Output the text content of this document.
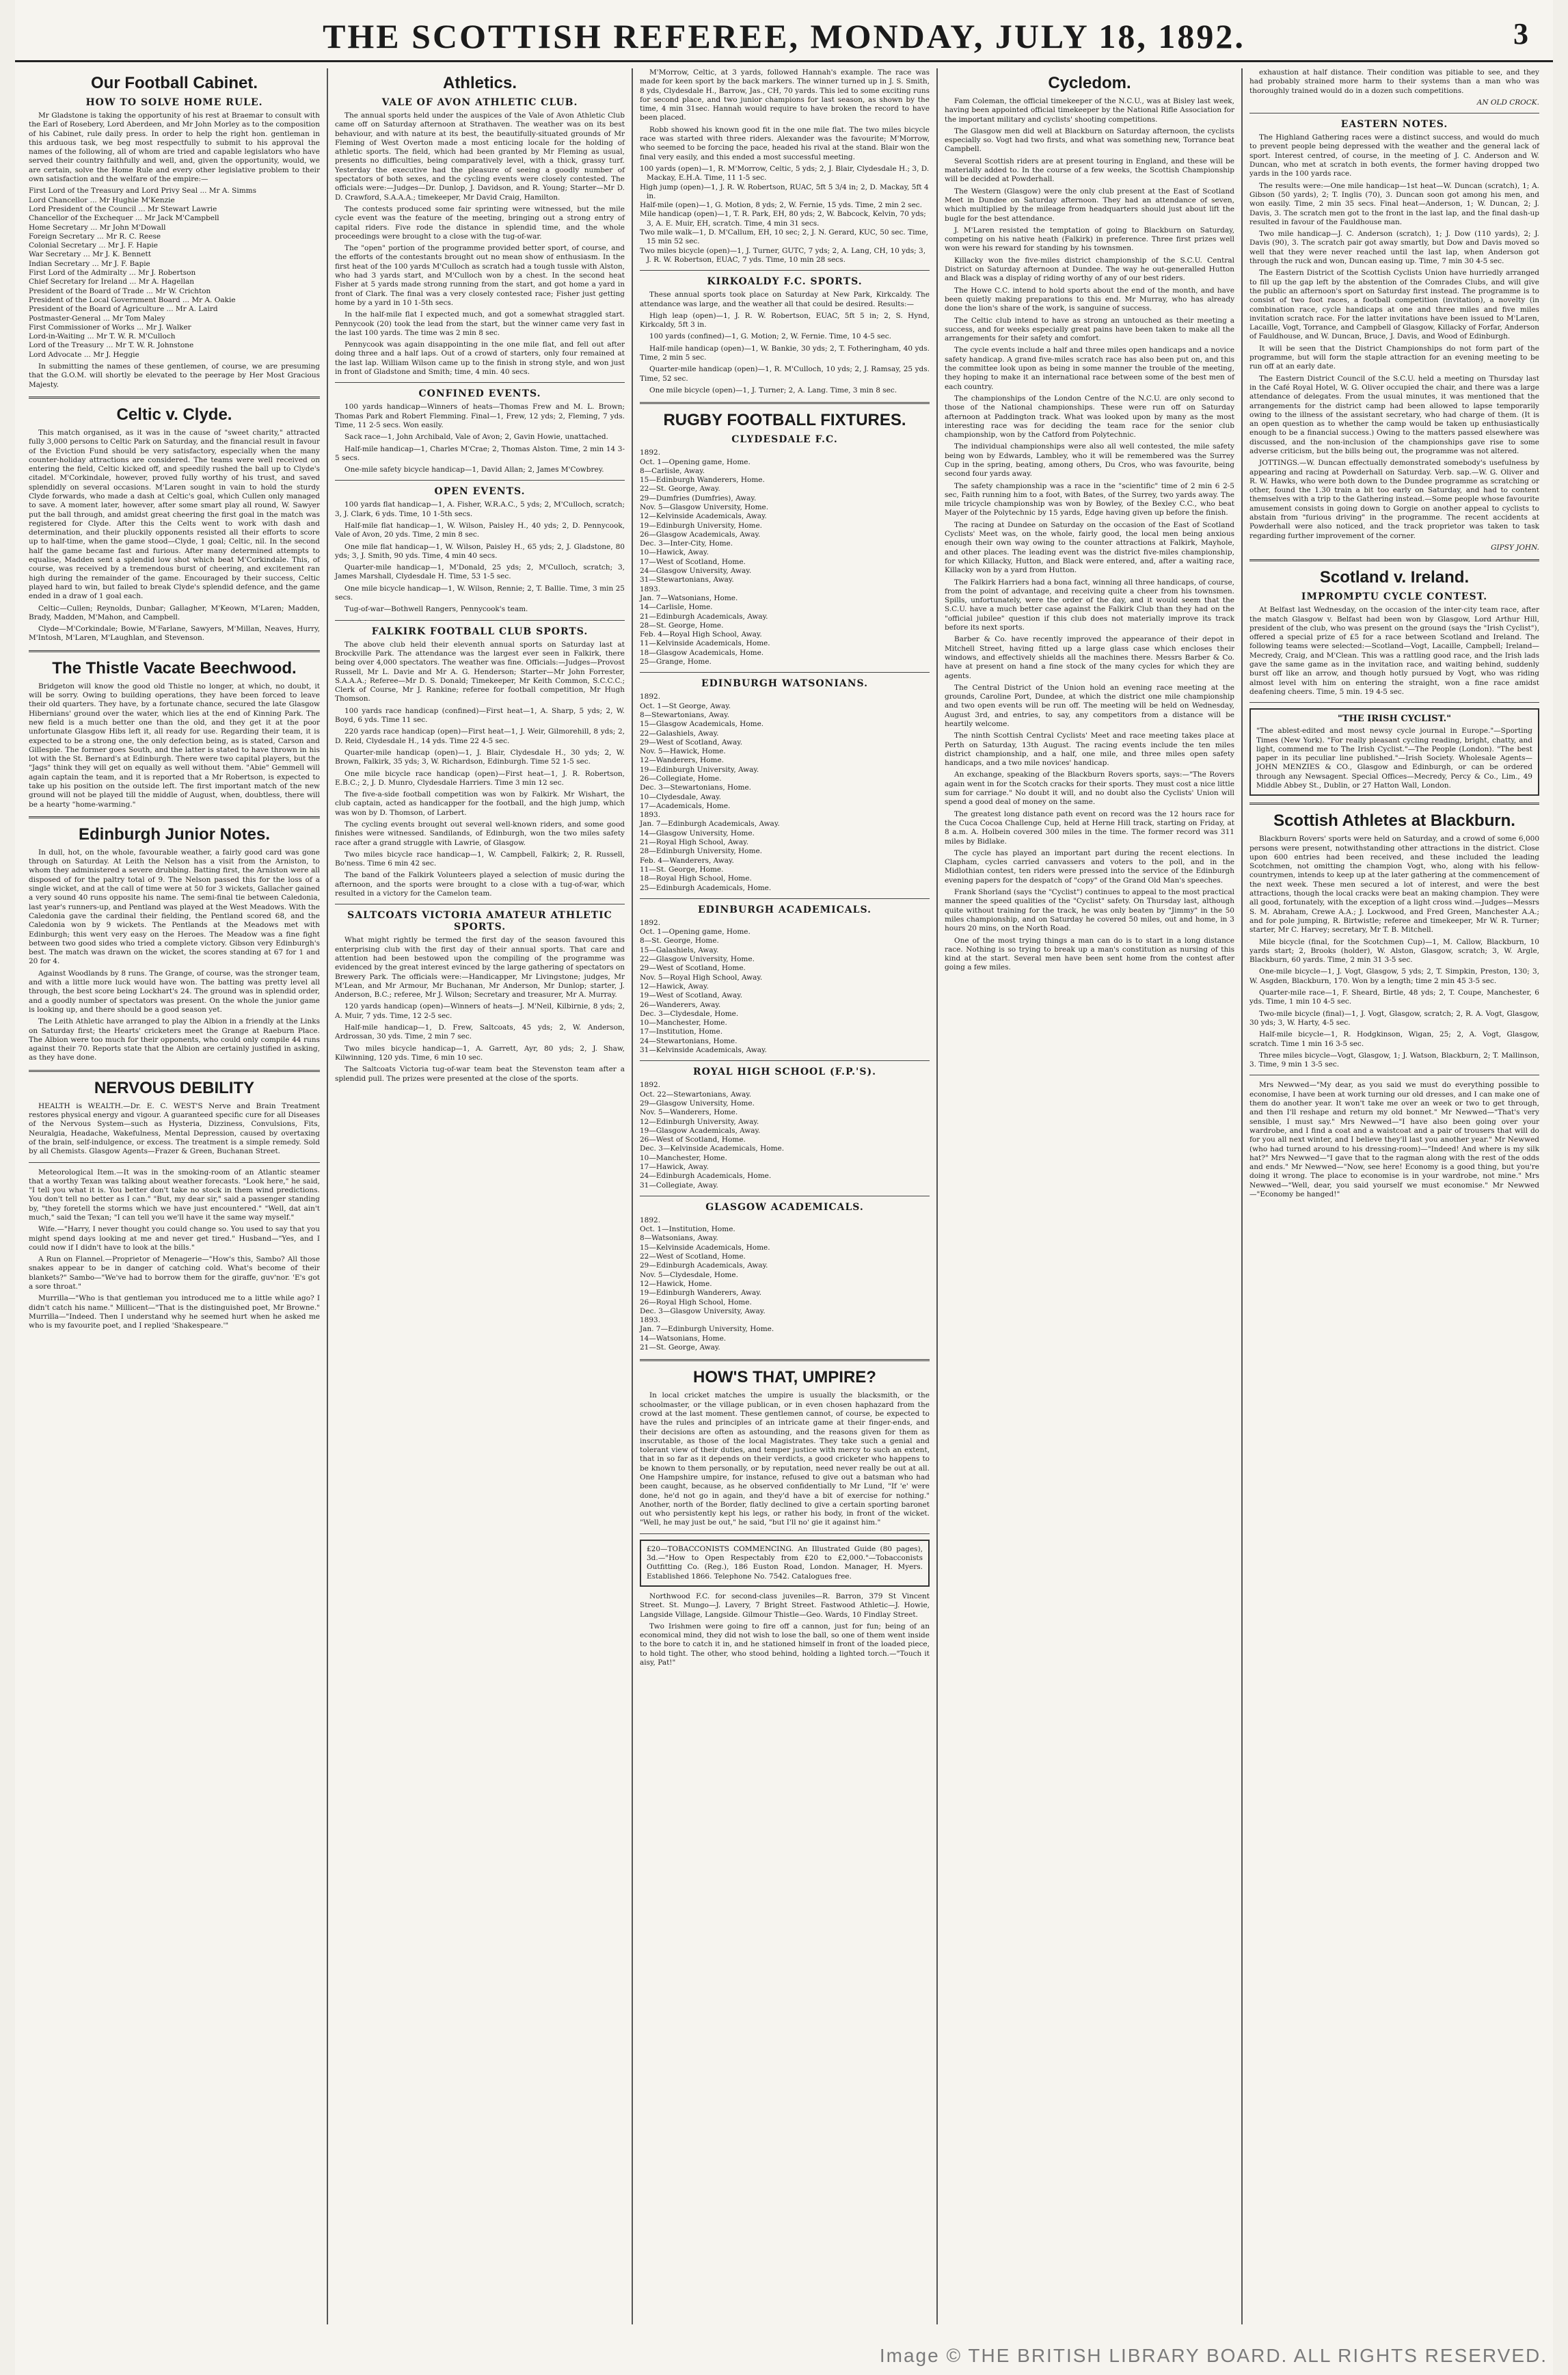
THE SCOTTISH REFEREE, MONDAY, JULY 18, 1892.	3
Our Football Cabinet.
HOW TO SOLVE HOME RULE.

Mr Gladstone is taking the opportunity of his rest at Braemar to consult with the Earl of Rosebery, Lord Aberdeen, and Mr John Morley as to the composition of his Cabinet, rule daily press. In order to help the right hon. gentleman in this arduous task, we beg most respectfully to submit to his approval the names of the following, all of whom are tried and capable legislators who have served their country faithfully and well, and, given the opportunity, would, we are certain, solve the Home Rule and every other legislative problem to their own satisfaction and the welfare of the empire:—

First Lord of the Treasury and Lord Privy Seal ... Mr A. Simms
Lord Chancellor ... Mr Hughie M'Kenzie
Lord President of the Council ... Mr Stewart Lawrie
Chancellor of the Exchequer ... Mr Jack M'Campbell
Home Secretary ... Mr John M'Dowall
Foreign Secretary ... Mr R. C. Reese
Colonial Secretary ... Mr J. F. Hapie
War Secretary ... Mr J. K. Bennett
Indian Secretary ... Mr J. F. Bapie
First Lord of the Admiralty ... Mr J. Robertson
Chief Secretary for Ireland ... Mr A. Hagellan
President of the Board of Trade ... Mr W. Crichton
President of the Local Government Board ... Mr A. Oakie
President of the Board of Agriculture ... Mr A. Laird
Postmaster-General ... Mr Tom Maley
First Commissioner of Works ... Mr J. Walker
Lord-in-Waiting ... Mr T. W. R. M'Culloch
Lord of the Treasury ... Mr T. W. R. Johnstone
Lord Advocate ... Mr J. Heggie

In submitting the names of these gentlemen, of course, we are presuming that the G.O.M. will shortly be elevated to the peerage by Her Most Gracious Majesty.

Celtic v. Clyde.

This match organised, as it was in the cause of "sweet charity," attracted fully 3,000 persons to Celtic Park on Saturday, and the financial result in favour of the Eviction Fund should be very satisfactory, especially when the many counter-holiday attractions are considered. The teams were well received on entering the field, Celtic kicked off, and speedily rushed the ball up to Clyde's citadel. M'Corkindale, however, proved fully worthy of his trust, and saved splendidly on several occasions. M'Laren sought in vain to hold the sturdy Clyde forwards, who made a dash at Celtic's goal, which Cullen only managed to save. A moment later, however, after some smart play all round, W. Sawyer put the ball through, and amidst great cheering the first goal in the match was registered for Clyde. After this the Celts went to work with dash and determination, and their pluckily opponents resisted all their efforts to score up to half-time, when the game stood—Clyde, 1 goal; Celtic, nil. In the second half the game became fast and furious. After many determined attempts to equalise, Madden sent a splendid low shot which beat M'Corkindale. This, of course, was received by a tremendous burst of cheering, and excitement ran high during the remainder of the game. Encouraged by their success, Celtic played hard to win, but failed to break Clyde's splendid defence, and the game ended in a draw of 1 goal each.

Celtic—Cullen; Reynolds, Dunbar; Gallagher, M'Keown, M'Laren; Madden, Brady, Madden, M'Mahon, and Campbell.

Clyde—M'Corkindale; Bowie, M'Farlane, Sawyers, M'Millan, Neaves, Hurry, M'Intosh, M'Laren, M'Laughlan, and Stevenson.

The Thistle Vacate Beechwood.

Bridgeton will know the good old Thistle no longer, at which, no doubt, it will be sorry. Owing to building operations, they have been forced to leave their old quarters. They have, by a fortunate chance, secured the late Glasgow Hibernians' ground over the water, which lies at the end of Kinning Park. The new field is a much better one than the old, and they get it at the poor unfortunate Glasgow Hibs left it, all ready for use. Regarding their team, it is expected to be a strong one, the only defection being, as is stated, Carson and Gillespie. The former goes South, and the latter is stated to have thrown in his lot with the St. Bernard's at Edinburgh. There were two capital players, but the "Jags" think they will get on equally as well without them. "Abie" Gemmell will again captain the team, and it is reported that a Mr Robertson, is expected to take up his position on the outside left. The first important match of the new ground will not be played till the middle of August, when, doubtless, there will be a hearty "home-warming."

Edinburgh Junior Notes.

In dull, hot, on the whole, favourable weather, a fairly good card was gone through on Saturday. At Leith the Nelson has a visit from the Arniston, to whom they administered a severe drubbing. Batting first, the Arniston were all disposed of for the paltry total of 9. The Nelson passed this for the loss of a single wicket, and at the call of time were at 50 for 3 wickets, Gallacher gained a very sound 40 runs opposite his name. The semi-final tie between Caledonia, last year's runners-up, and Pentland was played at the West Meadows. With the Caledonia gave the cardinal their fielding, the Pentland scored 68, and the Caledonia won by 9 wickets. The Pentlands at the Meadows met with Edinburgh; this went very easy on the Heroes. The Meadow was a fine fight between two good sides who tried a complete victory. Gibson very Edinburgh's best. The match was drawn on the wicket, the scores standing at 67 for 1 and 20 for 4.

Against Woodlands by 8 runs. The Grange, of course, was the stronger team, and with a little more luck would have won. The batting was pretty level all through, the best score being Lockhart's 24. The ground was in splendid order, and a goodly number of spectators was present. On the whole the junior game is looking up, and there should be a good season yet.

The Leith Athletic have arranged to play the Albion in a friendly at the Links on Saturday first; the Hearts' cricketers meet the Grange at Raeburn Place. The Albion were too much for their opponents, who could only compile 44 runs against their 70. Reports state that the Albion are certainly justified in asking, as they have done.

NERVOUS DEBILITY

HEALTH is WEALTH.—Dr. E. C. WEST'S Nerve and Brain Treatment restores physical energy and vigour. A guaranteed specific cure for all Diseases of the Nervous System—such as Hysteria, Dizziness, Convulsions, Fits, Neuralgia, Headache, Wakefulness, Mental Depression, caused by overtaxing of the brain, self-indulgence, or excess. The treatment is a simple remedy. Sold by all Chemists. Glasgow Agents—Frazer & Green, Buchanan Street.

Meteorological Item.—It was in the smoking-room of an Atlantic steamer that a worthy Texan was talking about weather forecasts. "Look here," he said, "I tell you what it is. You better don't take no stock in them wind predictions. You don't tell no better as I can." "But, my dear sir," said a passenger standing by, "they foretell the storms which we have just encountered." "Well, dat ain't much," said the Texan; "I can tell you we'll have it the same way myself."

Wife.—"Harry, I never thought you could change so. You used to say that you might spend days looking at me and never get tired." Husband—"Yes, and I could now if I didn't have to look at the bills."

A Run on Flannel.—Proprietor of Menagerie—"How's this, Sambo? All those snakes appear to be in danger of catching cold. What's become of their blankets?" Sambo—"We've had to borrow them for the giraffe, guv'nor. 'E's got a sore throat."

Murrilla—"Who is that gentleman you introduced me to a little while ago? I didn't catch his name." Millicent—"That is the distinguished poet, Mr Browne." Murrilla—"Indeed. Then I understand why he seemed hurt when he asked me who is my favourite poet, and I replied 'Shakespeare.'"

Athletics.
VALE OF AVON ATHLETIC CLUB.

The annual sports held under the auspices of the Vale of Avon Athletic Club came off on Saturday afternoon at Strathaven. The weather was on its best behaviour, and with nature at its best, the beautifully-situated grounds of Mr Fleming of West Overton made a most enticing locale for the holding of athletic sports. The field, which had been granted by Mr Fleming as usual, presents no difficulties, being comparatively level, with a thick, grassy turf. Yesterday the executive had the pleasure of seeing a goodly number of spectators of both sexes, and the cycling events were closely contested. The officials were:—Judges—Dr. Dunlop, J. Davidson, and R. Young; Starter—Mr D. D. Crawford, S.A.A.A.; timekeeper, Mr David Craig, Hamilton.

The contests produced some fair sprinting were witnessed, but the mile cycle event was the feature of the meeting, bringing out a strong entry of capital riders. Five rode the distance in splendid time, and the whole proceedings were brought to a close with the tug-of-war.

The "open" portion of the programme provided better sport, of course, and the efforts of the contestants brought out no mean show of enthusiasm. In the first heat of the 100 yards M'Culloch as scratch had a tough tussle with Alston, who had 3 yards start, and M'Culloch won by a chest. In the second heat Fisher at 5 yards made strong running from the start, and got home a yard in front of Clark. The final was a very closely contested race; Fisher just getting home by a yard in 10 1-5th secs.

In the half-mile flat I expected much, and got a somewhat straggled start. Pennycook (20) took the lead from the start, but the winner came very fast in the last 100 yards. The time was 2 min 8 sec.

Pennycook was again disappointing in the one mile flat, and fell out after doing three and a half laps. Out of a crowd of starters, only four remained at the last lap. William Wilson came up to the finish in strong style, and won just in front of Gladstone and Smith; time, 4 min. 40 secs.

CONFINED EVENTS.

100 yards handicap—Winners of heats—Thomas Frew and M. L. Brown; Thomas Park and Robert Flemming. Final—1, Frew, 12 yds; 2, Fleming, 7 yds. Time, 11 2-5 secs. Won easily.

Sack race—1, John Archibald, Vale of Avon; 2, Gavin Howie, unattached.

Half-mile handicap—1, Charles M'Crae; 2, Thomas Alston. Time, 2 min 14 3-5 secs.

One-mile safety bicycle handicap—1, David Allan; 2, James M'Cowbrey.

OPEN EVENTS.

100 yards flat handicap—1, A. Fisher, W.R.A.C., 5 yds; 2, M'Culloch, scratch; 3, J. Clark, 6 yds. Time, 10 1-5th secs.

Half-mile flat handicap—1, W. Wilson, Paisley H., 40 yds; 2, D. Pennycook, Vale of Avon, 20 yds. Time, 2 min 8 sec.

One mile flat handicap—1, W. Wilson, Paisley H., 65 yds; 2, J. Gladstone, 80 yds; 3, J. Smith, 90 yds. Time, 4 min 40 secs.

Quarter-mile handicap—1, M'Donald, 25 yds; 2, M'Culloch, scratch; 3, James Marshall, Clydesdale H. Time, 53 1-5 sec.

One mile bicycle handicap—1, W. Wilson, Rennie; 2, T. Ballie. Time, 3 min 25 secs.

Tug-of-war—Bothwell Rangers, Pennycook's team.

FALKIRK FOOTBALL CLUB SPORTS.

The above club held their eleventh annual sports on Saturday last at Brockville Park. The attendance was the largest ever seen in Falkirk, there being over 4,000 spectators. The weather was fine. Officials:—Judges—Provost Russell, Mr L. Davie and Mr A. G. Henderson; Starter—Mr John Forrester, S.A.A.A.; Referee—Mr D. S. Donald; Timekeeper, Mr Keith Common, S.C.C.C.; Clerk of Course, Mr J. Rankine; referee for football competition, Mr Hugh Thomson.

100 yards race handicap (confined)—First heat—1, A. Sharp, 5 yds; 2, W. Boyd, 6 yds. Time 11 sec.

220 yards race handicap (open)—First heat—1, J. Weir, Gilmorehill, 8 yds; 2, D. Reid, Clydesdale H., 14 yds. Time 22 4-5 sec.

Quarter-mile handicap (open)—1, J. Blair, Clydesdale H., 30 yds; 2, W. Brown, Falkirk, 35 yds; 3, W. Richardson, Edinburgh. Time 52 1-5 sec.

One mile bicycle race handicap (open)—First heat—1, J. R. Robertson, E.B.C.; 2, J. D. Munro, Clydesdale Harriers. Time 3 min 12 sec.

The five-a-side football competition was won by Falkirk. Mr Wishart, the club captain, acted as handicapper for the football, and the high jump, which was won by D. Thomson, of Larbert.

The cycling events brought out several well-known riders, and some good finishes were witnessed. Sandilands, of Edinburgh, won the two miles safety race after a grand struggle with Lawrie, of Glasgow.

Two miles bicycle race handicap—1, W. Campbell, Falkirk; 2, R. Russell, Bo'ness. Time 6 min 42 sec.

The band of the Falkirk Volunteers played a selection of music during the afternoon, and the sports were brought to a close with a tug-of-war, which resulted in a victory for the Camelon team.

SALTCOATS VICTORIA AMATEUR ATHLETIC SPORTS.

What might rightly be termed the first day of the season favoured this enterprising club with the first day of their annual sports. That care and attention had been bestowed upon the compiling of the programme was evidenced by the great interest evinced by the large gathering of spectators on Brewery Park. The officials were:—Handicapper, Mr Livingstone; judges, Mr M'Lean, and Mr Armour, Mr Buchanan, Mr Anderson, Mr Dunlop; starter, J. Anderson, B.C.; referee, Mr J. Wilson; Secretary and treasurer, Mr A. Murray.

120 yards handicap (open)—Winners of heats—J. M'Neil, Kilbirnie, 8 yds; 2, A. Muir, 7 yds. Time, 12 2-5 sec.

Half-mile handicap—1, D. Frew, Saltcoats, 45 yds; 2, W. Anderson, Ardrossan, 30 yds. Time, 2 min 7 sec.

Two miles bicycle handicap—1, A. Garrett, Ayr, 80 yds; 2, J. Shaw, Kilwinning, 120 yds. Time, 6 min 10 sec.

The Saltcoats Victoria tug-of-war team beat the Stevenston team after a splendid pull. The prizes were presented at the close of the sports.

M'Morrow, Celtic, at 3 yards, followed Hannah's example. The race was made for keen sport by the back markers. The winner turned up in J. S. Smith, 8 yds, Clydesdale H., Barrow, Jas., CH, 70 yards. This led to some exciting runs for second place, and two junior champions for last season, as shown by the time, 4 min 31sec. Hannah would require to have broken the record to have been placed.

Robb showed his known good fit in the one mile flat. The two miles bicycle race was started with three riders. Alexander was the favourite; M'Morrow, who seemed to be forcing the pace, headed his rival at the stand. Blair won the final very easily, and this ended a most successful meeting.

100 yards (open)—1, R. M'Morrow, Celtic, 5 yds; 2, J. Blair, Clydesdale H.; 3, D. Mackay, E.H.A. Time, 11 1-5 sec.
High jump (open)—1, J. R. W. Robertson, RUAC, 5ft 5 3/4 in; 2, D. Mackay, 5ft 4 in.
Half-mile (open)—1, G. Motion, 8 yds; 2, W. Fernie, 15 yds. Time, 2 min 2 sec.
Mile handicap (open)—1, T. R. Park, EH, 80 yds; 2, W. Babcock, Kelvin, 70 yds; 3, A. E. Muir, EH, scratch. Time, 4 min 31 secs.
Two mile walk—1, D. M'Callum, EH, 10 sec; 2, J. N. Gerard, KUC, 50 sec. Time, 15 min 52 sec.
Two miles bicycle (open)—1, J. Turner, GUTC, 7 yds; 2, A. Lang, CH, 10 yds; 3, J. R. W. Robertson, EUAC, 7 yds. Time, 10 min 28 secs.
KIRKOALDY F.C. SPORTS.

These annual sports took place on Saturday at New Park, Kirkcaldy. The attendance was large, and the weather all that could be desired. Results:—

High leap (open)—1, J. R. W. Robertson, EUAC, 5ft 5 in; 2, S. Hynd, Kirkcaldy, 5ft 3 in.

100 yards (confined)—1, G. Motion; 2, W. Fernie. Time, 10 4-5 sec.

Half-mile handicap (open)—1, W. Bankie, 30 yds; 2, T. Fotheringham, 40 yds. Time, 2 min 5 sec.

Quarter-mile handicap (open)—1, R. M'Culloch, 10 yds; 2, J. Ramsay, 25 yds. Time, 52 sec.

One mile bicycle (open)—1, J. Turner; 2, A. Lang. Time, 3 min 8 sec.

RUGBY FOOTBALL FIXTURES.
CLYDESDALE F.C.
1892.
Oct. 1—Opening game, Home.
8—Carlisle, Away.
15—Edinburgh Wanderers, Home.
22—St. George, Away.
29—Dumfries (Dumfries), Away.
Nov. 5—Glasgow University, Home.
12—Kelvinside Academicals, Away.
19—Edinburgh University, Home.
26—Glasgow Academicals, Away.
Dec. 3—Inter-City, Home.
10—Hawick, Away.
17—West of Scotland, Home.
24—Glasgow University, Away.
31—Stewartonians, Away.
1893.
Jan. 7—Watsonians, Home.
14—Carlisle, Home.
21—Edinburgh Academicals, Away.
28—St. George, Home.
Feb. 4—Royal High School, Away.
11—Kelvinside Academicals, Home.
18—Glasgow Academicals, Home.
25—Grange, Home.
EDINBURGH WATSONIANS.
1892.
Oct. 1—St George, Away.
8—Stewartonians, Away.
15—Glasgow Academicals, Home.
22—Galashiels, Away.
29—West of Scotland, Away.
Nov. 5—Hawick, Home.
12—Wanderers, Home.
19—Edinburgh University, Away.
26—Collegiate, Home.
Dec. 3—Stewartonians, Home.
10—Clydesdale, Away.
17—Academicals, Home.
1893.
Jan. 7—Edinburgh Academicals, Away.
14—Glasgow University, Home.
21—Royal High School, Away.
28—Edinburgh University, Home.
Feb. 4—Wanderers, Away.
11—St. George, Home.
18—Royal High School, Home.
25—Edinburgh Academicals, Home.
EDINBURGH ACADEMICALS.
1892.
Oct. 1—Opening game, Home.
8—St. George, Home.
15—Galashiels, Away.
22—Glasgow University, Home.
29—West of Scotland, Home.
Nov. 5—Royal High School, Away.
12—Hawick, Away.
19—West of Scotland, Away.
26—Wanderers, Away.
Dec. 3—Clydesdale, Home.
10—Manchester, Home.
17—Institution, Home.
24—Stewartonians, Home.
31—Kelvinside Academicals, Away.
ROYAL HIGH SCHOOL (F.P.'S).
1892.
Oct. 22—Stewartonians, Away.
29—Glasgow University, Home.
Nov. 5—Wanderers, Home.
12—Edinburgh University, Away.
19—Glasgow Academicals, Away.
26—West of Scotland, Home.
Dec. 3—Kelvinside Academicals, Home.
10—Manchester, Home.
17—Hawick, Away.
24—Edinburgh Academicals, Home.
31—Collegiate, Away.
GLASGOW ACADEMICALS.
1892.
Oct. 1—Institution, Home.
8—Watsonians, Away.
15—Kelvinside Academicals, Home.
22—West of Scotland, Home.
29—Edinburgh Academicals, Away.
Nov. 5—Clydesdale, Home.
12—Hawick, Home.
19—Edinburgh Wanderers, Away.
26—Royal High School, Home.
Dec. 3—Glasgow University, Away.
1893.
Jan. 7—Edinburgh University, Home.
14—Watsonians, Home.
21—St. George, Away.
HOW'S THAT, UMPIRE?

In local cricket matches the umpire is usually the blacksmith, or the schoolmaster, or the village publican, or in even chosen haphazard from the crowd at the last moment. These gentlemen cannot, of course, be expected to have the rules and principles of an intricate game at their finger-ends, and their decisions are often as astounding, and the reasons given for them as inscrutable, as those of the local Magistrates. They take such a genial and tolerant view of their duties, and temper justice with mercy to such an extent, that in so far as it depends on their verdicts, a good cricketer who happens to be known to them personally, or by reputation, need never really be out at all. One Hampshire umpire, for instance, refused to give out a batsman who had been caught, because, as he observed confidentially to Mr Lund, "If 'e' were done, he'd not go in again, and they'd have a bit of exercise for nothing." Another, north of the Border, flatly declined to give a certain sporting baronet out who persistently kept his legs, or rather his body, in front of the wicket. "Well, he may just be out," he said, "but I'll no' gie it against him."

£20—TOBACCONISTS COMMENCING. An Illustrated Guide (80 pages), 3d.—"How to Open Respectably from £20 to £2,000."—Tobacconists Outfitting Co. (Reg.), 186 Euston Road, London. Manager, H. Myers. Established 1866. Telephone No. 7542. Catalogues free.

Northwood F.C. for second-class juveniles—R. Barron, 379 St Vincent Street. St. Mungo—J. Lavery, 7 Bright Street. Fastwood Athletic—J. Howie, Langside Village, Langside. Gilmour Thistle—Geo. Wards, 10 Findlay Street.

Two Irishmen were going to fire off a cannon, just for fun; being of an economical mind, they did not wish to lose the ball, so one of them went inside to the bore to catch it in, and he stationed himself in front of the loaded piece, to hold tight. The other, who stood behind, holding a lighted torch.—"Touch it aisy, Pat!"

Cycledom.

Fam Coleman, the official timekeeper of the N.C.U., was at Bisley last week, having been appointed official timekeeper by the National Rifle Association for the important military and cyclists' shooting competitions.

The Glasgow men did well at Blackburn on Saturday afternoon, the cyclists especially so. Vogt had two firsts, and what was something new, Torrance beat Campbell.

Several Scottish riders are at present touring in England, and these will be materially added to. In the course of a few weeks, the Scottish Championship will be decided at Powderhall.

The Western (Glasgow) were the only club present at the East of Scotland Meet in Dundee on Saturday afternoon. They had an attendance of seven, which multiplied by the mileage from headquarters should just about lift the bugle for the best attendance.

J. M'Laren resisted the temptation of going to Blackburn on Saturday, competing on his native heath (Falkirk) in preference. Three first prizes well won were his reward for standing by his townsmen.

Killacky won the five-miles district championship of the S.C.U. Central District on Saturday afternoon at Dundee. The way he out-generalled Hutton and Black was a display of riding worthy of any of our best riders.

The Howe C.C. intend to hold sports about the end of the month, and have been quietly making preparations to this end. Mr Murray, who has already done the lion's share of the work, is sanguine of success.

The Celtic club intend to have as strong an untouched as their meeting a success, and for weeks especially great pains have been taken to make all the arrangements for their safety and comfort.

The cycle events include a half and three miles open handicaps and a novice safety handicap. A grand five-miles scratch race has also been put on, and this the committee look upon as being in some manner the trouble of the meeting, they hoping to make it an international race between some of the best men of each country.

The championships of the London Centre of the N.C.U. are only second to those of the National championships. These were run off on Saturday afternoon at Paddington track. What was looked upon by many as the most interesting race was for deciding the team race for the senior club championship, won by the Catford from Polytechnic.

The individual championships were also all well contested, the mile safety being won by Edwards, Lambley, who it will be remembered was the Surrey Cup in the spring, beating, among others, Du Cros, who was favourite, being second four yards away.

The safety championship was a race in the "scientific" time of 2 min 6 2-5 sec, Faith running him to a foot, with Bates, of the Surrey, two yards away. The mile tricycle championship was won by Bowley, of the Bexley C.C., who beat Mayer of the Polytechnic by 15 yards, Edge having given up before the finish.

The racing at Dundee on Saturday on the occasion of the East of Scotland Cyclists' Meet was, on the whole, fairly good, the local men being anxious enough their own way owing to the counter attractions at Falkirk, Mayhole, and other places. The leading event was the district five-miles championship, for which Killacky, Hutton, and Black were entered, and, after a waiting race, Killacky won by a yard from Hutton.

The Falkirk Harriers had a bona fact, winning all three handicaps, of course, from the point of advantage, and receiving quite a cheer from his townsmen. Spills, unfortunately, were the order of the day, and it would seem that the S.C.U. have a much better case against the Falkirk Club than they had on the "official jubilee" question if this club does not materially improve its track before its next sports.

Barber & Co. have recently improved the appearance of their depot in Mitchell Street, having fitted up a large glass case which encloses their windows, and effectively shields all the machines there. Messrs Barber & Co. have at present on hand a fine stock of the many cycles for which they are agents.

The Central District of the Union hold an evening race meeting at the grounds, Caroline Port, Dundee, at which the district one mile championship and two open events will be run off. The meeting will be held on Wednesday, August 3rd, and entries, to say, any competitors from a distance will be heartily welcome.

The ninth Scottish Central Cyclists' Meet and race meeting takes place at Perth on Saturday, 13th August. The racing events include the ten miles district championship, and a half, one mile, and three miles open safety handicaps, and a two mile novices' handicap.

An exchange, speaking of the Blackburn Rovers sports, says:—"The Rovers again went in for the Scotch cracks for their sports. They must cost a nice little sum for carriage." No doubt it will, and no doubt also the Cyclists' Union will spend a good deal of money on the same.

The greatest long distance path event on record was the 12 hours race for the Cuca Cocoa Challenge Cup, held at Herne Hill track, starting on Friday, at 8 a.m. A. Holbein covered 300 miles in the time. The former record was 311 miles by Bidlake.

The cycle has played an important part during the recent elections. In Clapham, cycles carried canvassers and voters to the poll, and in the Midlothian contest, ten riders were pressed into the service of the Edinburgh evening papers for the despatch of "copy" of the Grand Old Man's speeches.

Frank Shorland (says the "Cyclist") continues to appeal to the most practical manner the speed qualities of the "Cyclist" safety. On Thursday last, although quite without training for the track, he was only beaten by "Jimmy" in the 50 miles championship, and on Saturday he covered 50 miles, out and home, in 3 hours 20 mins, on the North Road.

One of the most trying things a man can do is to start in a long distance race. Nothing is so trying to break up a man's constitution as nursing of this kind at the start. Several men have been sent home from the contest after going a few miles.

exhaustion at half distance. Their condition was pitiable to see, and they had probably strained more harm to their systems than a man who was thoroughly trained would do in a dozen such competitions.

AN OLD CROCK.
EASTERN NOTES.

The Highland Gathering races were a distinct success, and would do much to prevent people being depressed with the weather and the general lack of sport. Interest centred, of course, in the meeting of J. C. Anderson and W. Duncan, who met at scratch in both events, the former having dropped two yards in the 100 yards race.

The results were:—One mile handicap—1st heat—W. Duncan (scratch), 1; A. Gibson (50 yards), 2; T. Inglis (70), 3. Duncan soon got among his men, and won easily. Time, 2 min 35 secs. Final heat—Anderson, 1; W. Duncan, 2; J. Davis, 3. The scratch men got to the front in the last lap, and the final dash-up resulted in favour of the Fauldhouse man.

Two mile handicap—J. C. Anderson (scratch), 1; J. Dow (110 yards), 2; J. Davis (90), 3. The scratch pair got away smartly, but Dow and Davis moved so well that they were never reached until the last lap, when Anderson got through the ruck and won, Duncan easing up. Time, 7 min 30 4-5 sec.

The Eastern District of the Scottish Cyclists Union have hurriedly arranged to fill up the gap left by the abstention of the Comrades Clubs, and will give the public an afternoon's sport on Saturday first instead. The programme is to consist of two foot races, a football competition (invitation), a novelty (in combination race, cycle handicaps at one and three miles and five miles invitation scratch race. For the latter invitations have been issued to M'Laren, Lacaille, Vogt, Torrance, and Campbell of Glasgow, Killacky of Forfar, Anderson of Fauldhouse, and W. Duncan, Bruce, J. Davis, and Wood of Edinburgh.

It will be seen that the District Championships do not form part of the programme, but will form the staple attraction for an evening meeting to be run off at an early date.

The Eastern District Council of the S.C.U. held a meeting on Thursday last in the Café Royal Hotel, W. G. Oliver occupied the chair, and there was a large attendance of delegates. From the usual minutes, it was mentioned that the arrangements for the district camp had been allowed to lapse temporarily owing to the illness of the assistant secretary, who had charge of them. (It is an open question as to whether the camp would be taken up enthusiastically enough to be a financial success.) Owing to the matters passed elsewhere was discussed, and the non-inclusion of the championships gave rise to some adverse criticism, but the bills being out, the programme was not altered.

JOTTINGS.—W. Duncan effectually demonstrated somebody's usefulness by appearing and racing at Powderhall on Saturday. Verb. sap.—W. G. Oliver and R. W. Hawks, who were both down to the Dundee programme as scratching or other, found the 1.30 train a bit too early on Saturday, and had to content themselves with a trip to the Gathering instead.—Some people whose favourite amusement consists in going down to Gorgie on another appeal to cyclists to abstain from "furious driving" in the programme. The recent accidents at Powderhall were also noticed, and the track proprietor was taken to task regarding further improvement of the corner.

GIPSY JOHN.
Scotland v. Ireland.
IMPROMPTU CYCLE CONTEST.

At Belfast last Wednesday, on the occasion of the inter-city team race, after the match Glasgow v. Belfast had been won by Glasgow, Lord Arthur Hill, president of the club, who was present on the ground (says the "Irish Cyclist"), offered a special prize of £5 for a race between Scotland and Ireland. The following teams were selected:—Scotland—Vogt, Lacaille, Campbell; Ireland—Mecredy, Craig, and M'Clean. This was a rattling good race, and the Irish lads gave the same game as in the invitation race, and waiting behind, suddenly burst off like an arrow, and though hotly pursued by Vogt, who was riding almost level with him on entering the straight, won a fine race amidst deafening cheers. Time, 5 min. 19 4-5 sec.

"THE IRISH CYCLIST."
"The ablest-edited and most newsy cycle journal in Europe."—Sporting Times (New York). "For really pleasant cycling reading, bright, chatty, and light, commend me to The Irish Cyclist."—The People (London). "The best paper in its peculiar line published."—Irish Society. Wholesale Agents—JOHN MENZIES & CO., Glasgow and Edinburgh, or can be ordered through any Newsagent. Special Offices—Mecredy, Percy & Co., Lim., 49 Middle Abbey St., Dublin, or 27 Hatton Wall, London.
Scottish Athletes at Blackburn.

Blackburn Rovers' sports were held on Saturday, and a crowd of some 6,000 persons were present, notwithstanding other attractions in the district. Close upon 600 entries had been received, and these included the leading Scotchmen, not omitting the champion Vogt, who, along with his fellow-countrymen, intends to keep up at the later gathering at the commencement of the next week. These men secured a lot of interest, and were the best attractions, though the local cracks were beat an making champion. They were all good, fortunately, with the exception of a light cross wind.—Judges—Messrs S. M. Abraham, Crewe A.A.; J. Lockwood, and Fred Green, Manchester A.A.; and for pole jumping, R. Birtwistle; referee and timekeeper, Mr W. R. Turner; starter, Mr C. Harvey; secretary, Mr T. B. Mitchell.

Mile bicycle (final, for the Scotchmen Cup)—1, M. Callow, Blackburn, 10 yards start; 2, Brooks (holder), W. Alston, Glasgow, scratch; 3, W. Argle, Blackburn, 60 yards. Time, 2 min 31 3-5 sec.

One-mile bicycle—1, J. Vogt, Glasgow, 5 yds; 2, T. Simpkin, Preston, 130; 3, W. Asgden, Blackburn, 170. Won by a length; time 2 min 45 3-5 sec.

Quarter-mile race—1, F. Sheard, Birtle, 48 yds; 2, T. Coupe, Manchester, 6 yds. Time, 1 min 10 4-5 sec.

Two-mile bicycle (final)—1, J. Vogt, Glasgow, scratch; 2, R. A. Vogt, Glasgow, 30 yds; 3, W. Harty, 4-5 sec.

Half-mile bicycle—1, R. Hodgkinson, Wigan, 25; 2, A. Vogt, Glasgow, scratch. Time 1 min 16 3-5 sec.

Three miles bicycle—Vogt, Glasgow, 1; J. Watson, Blackburn, 2; T. Mallinson, 3. Time, 9 min 1 3-5 sec.

Mrs Newwed—"My dear, as you said we must do everything possible to economise, I have been at work turning our old dresses, and I can make one of them do another year. It won't take me over an week or two to get through, and then I'll reshape and return my old bonnet." Mr Newwed—"That's very sensible, I must say." Mrs Newwed—"I have also been going over your wardrobe, and I find a coat and a waistcoat and a pair of trousers that will do for you all next winter, and I believe they'll last you another year." Mr Newwed (who had turned around to his dressing-room)—"Indeed! And where is my silk hat?" Mrs Newwed—"I gave that to the ragman along with the rest of the odds and ends." Mr Newwed—"Now, see here! Economy is a good thing, but you're doing it wrong. The place to economise is in your wardrobe, not mine." Mrs Newwed—"Well, dear, you said yourself we must economise." Mr Newwed—"Economy be hanged!"

Image © THE BRITISH LIBRARY BOARD. ALL RIGHTS RESERVED.
